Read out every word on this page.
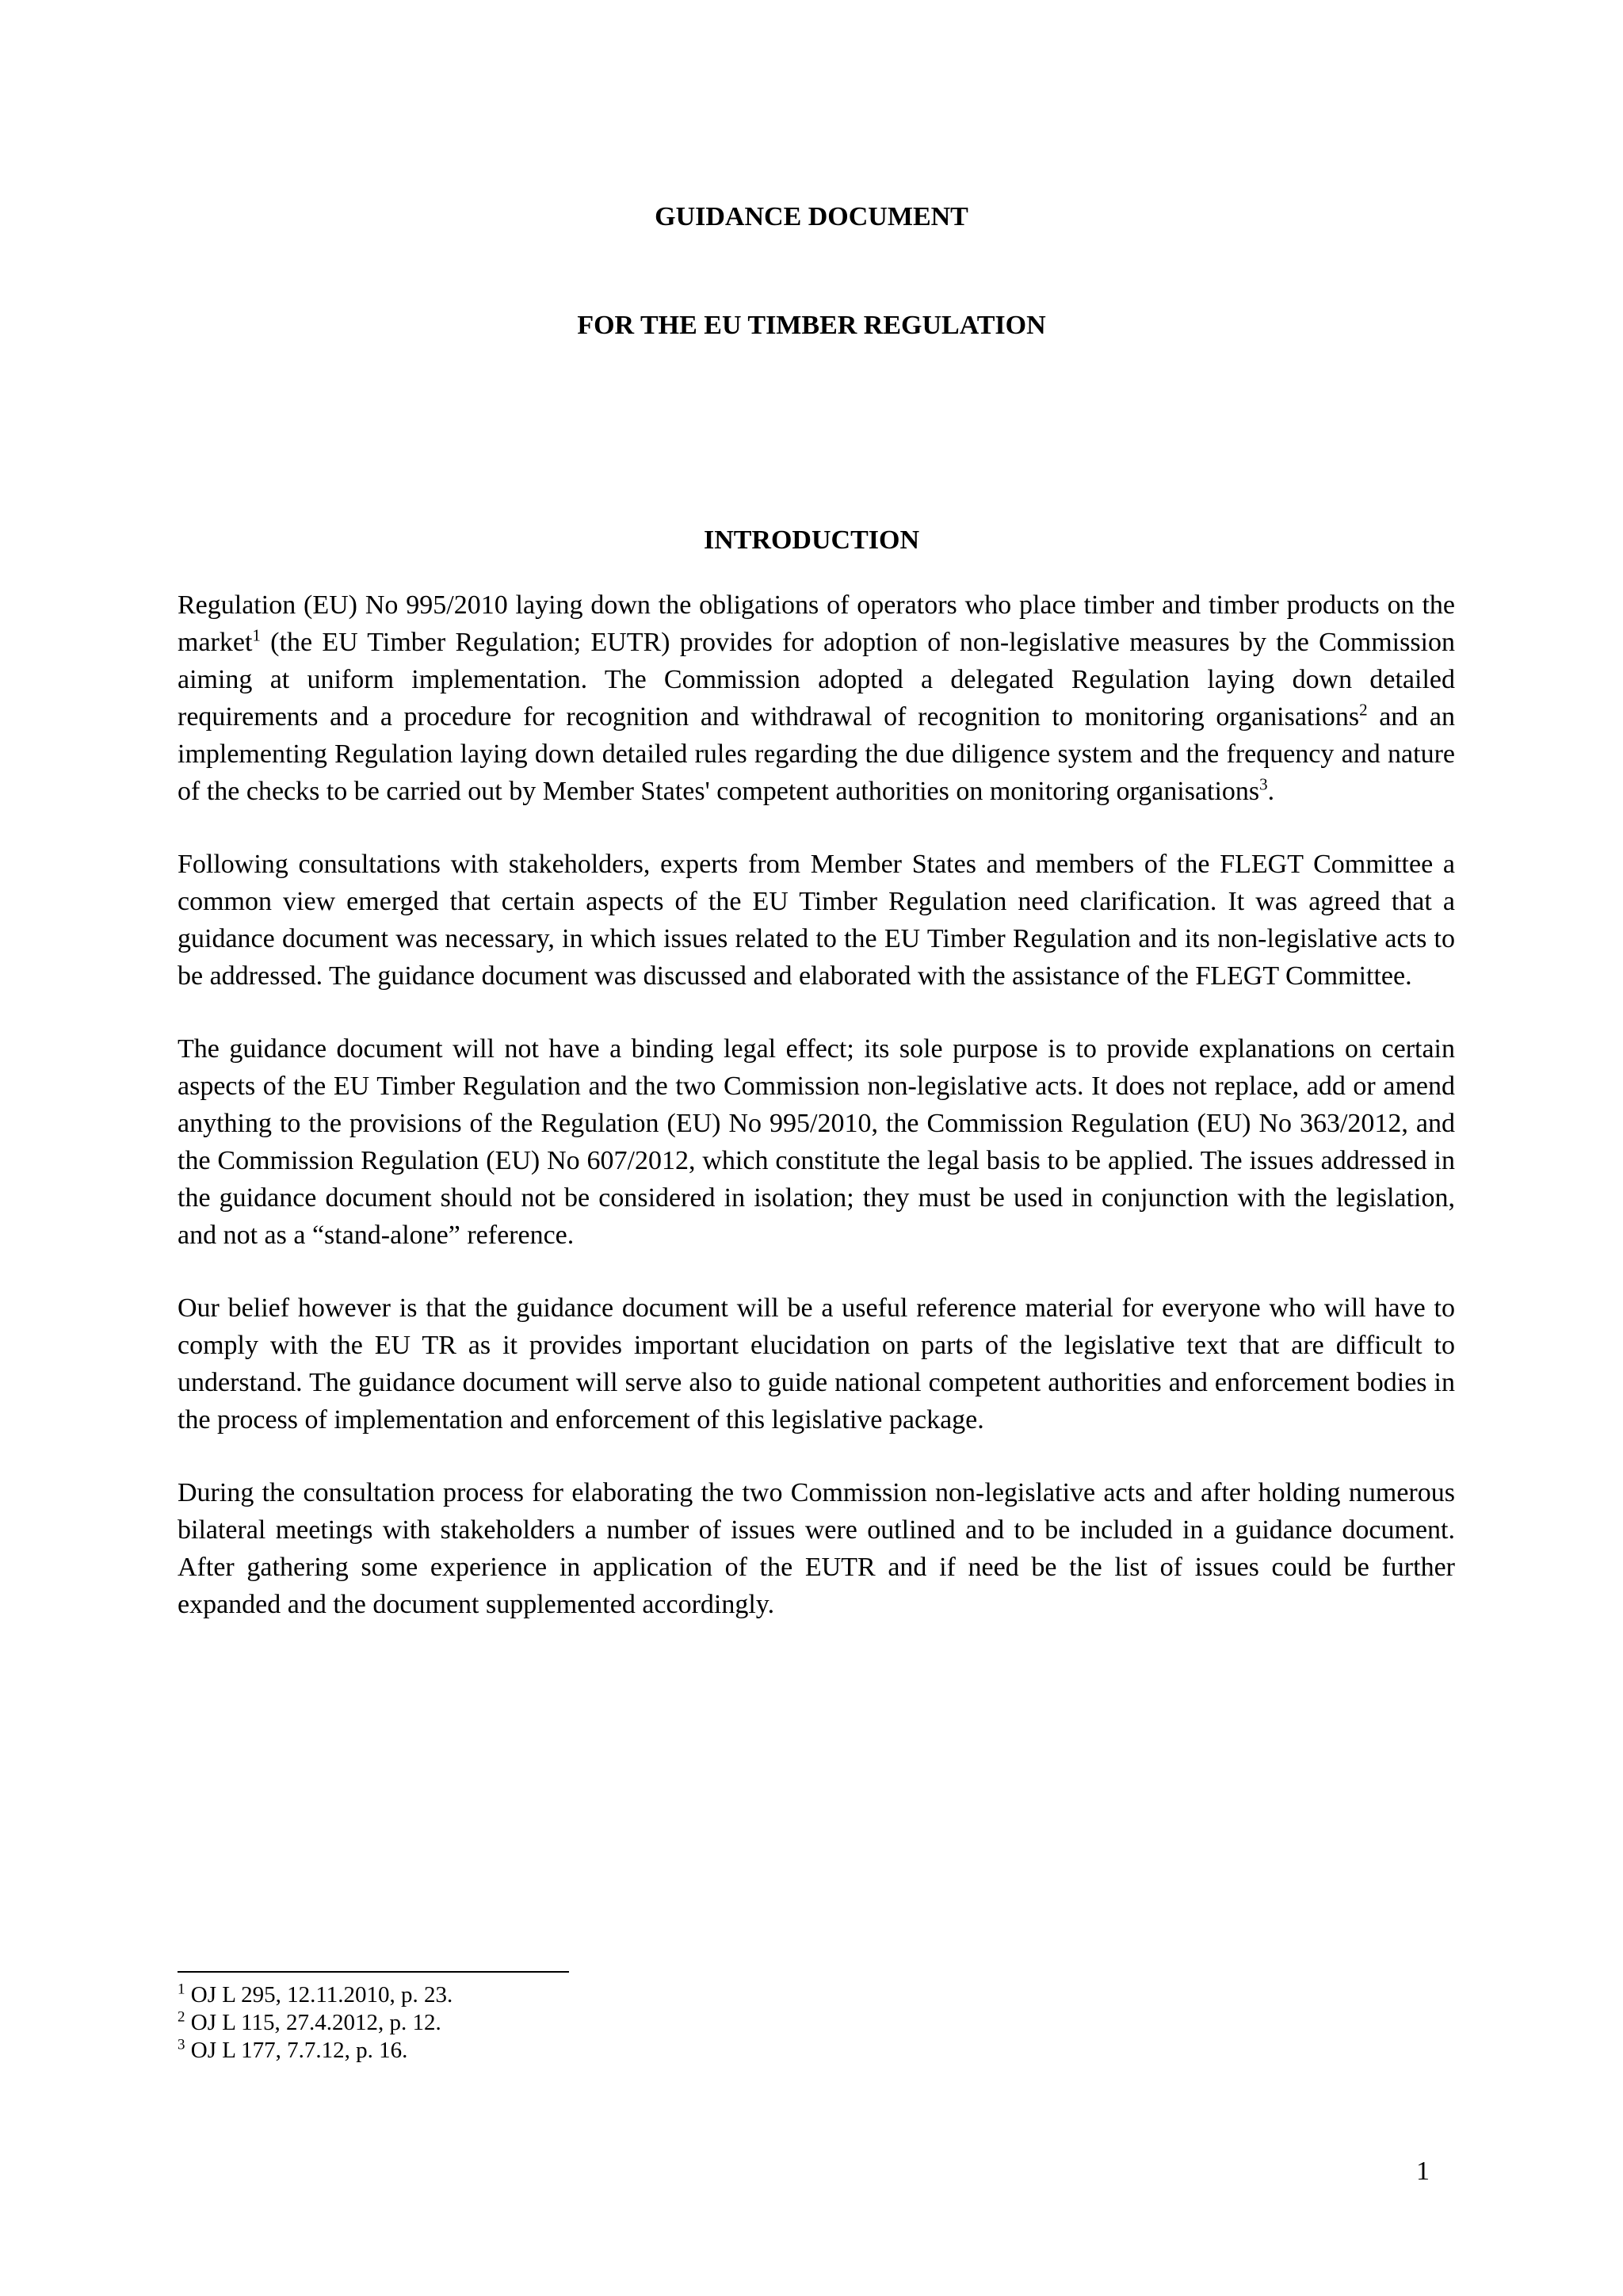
GUIDANCE DOCUMENT
FOR THE EU TIMBER REGULATION
INTRODUCTION

Regulation (EU) No 995/2010 laying down the obligations of operators who place timber and timber products on the market$^1$ (the EU Timber Regulation; EUTR) provides for adoption of non-legislative measures by the Commission aiming at uniform implementation. The Commission adopted a delegated Regulation laying down detailed requirements and a procedure for recognition and withdrawal of recognition to monitoring organisations$^2$ and an implementing Regulation laying down detailed rules regarding the due diligence system and the frequency and nature of the checks to be carried out by Member States' competent authorities on monitoring organisations$^3$.

Following consultations with stakeholders, experts from Member States and members of the FLEGT Committee a common view emerged that certain aspects of the EU Timber Regulation need clarification. It was agreed that a guidance document was necessary, in which issues related to the EU Timber Regulation and its non-legislative acts to be addressed. The guidance document was discussed and elaborated with the assistance of the FLEGT Committee.

The guidance document will not have a binding legal effect; its sole purpose is to provide explanations on certain aspects of the EU Timber Regulation and the two Commission non-legislative acts. It does not replace, add or amend anything to the provisions of the Regulation (EU) No 995/2010, the Commission Regulation (EU) No 363/2012, and the Commission Regulation (EU) No 607/2012, which constitute the legal basis to be applied. The issues addressed in the guidance document should not be considered in isolation; they must be used in conjunction with the legislation, and not as a “stand-alone” reference.

Our belief however is that the guidance document will be a useful reference material for everyone who will have to comply with the EU TR as it provides important elucidation on parts of the legislative text that are difficult to understand. The guidance document will serve also to guide national competent authorities and enforcement bodies in the process of implementation and enforcement of this legislative package.

During the consultation process for elaborating the two Commission non-legislative acts and after holding numerous bilateral meetings with stakeholders a number of issues were outlined and to be included in a guidance document. After gathering some experience in application of the EUTR and if need be the list of issues could be further expanded and the document supplemented accordingly.

$^1$ OJ L 295, 12.11.2010, p. 23.
$^2$ OJ L 115, 27.4.2012, p. 12.
$^3$ OJ L 177, 7.7.12, p. 16.
1
